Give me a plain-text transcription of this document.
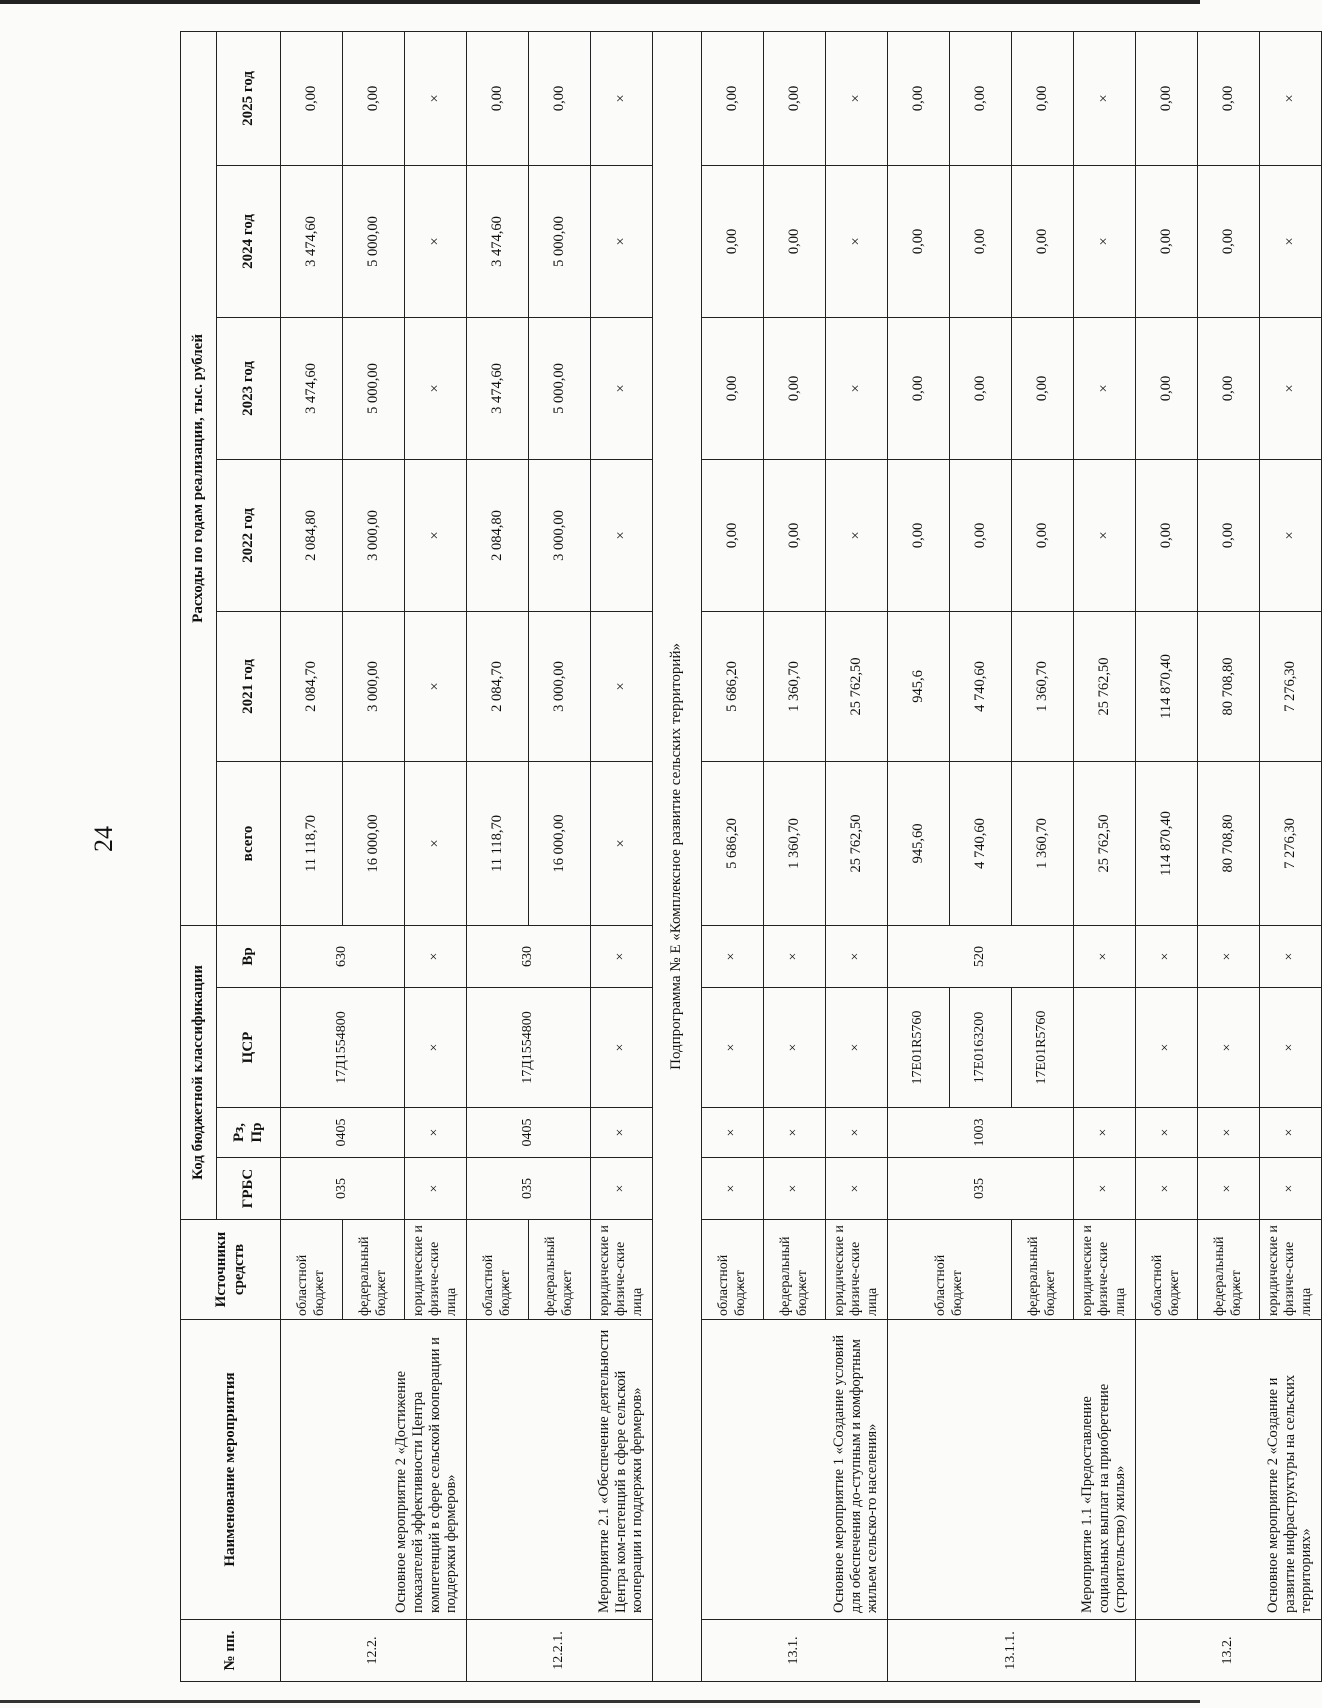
24
№ пп.	Наименование мероприятия	Источники средств	Код бюджетной классификации				Расходы по годам реализации, тыс. рублей					
			ГРБС	Рз, Пр	ЦСР	Вр	всего	2021 год	2022 год	2023 год	2024 год	2025 год
12.2.	Основное мероприятие 2 «Достижение показателей эффективности Центра компетенций в сфере сельской кооперации и поддержки фермеров»	областной бюджет	035	0405	17Д1554800	630	11 118,70	2 084,70	2 084,80	3 474,60	3 474,60	0,00
		федеральный бюджет					16 000,00	3 000,00	3 000,00	5 000,00	5 000,00	0,00
		юридические и физиче-ские лица	×	×	×	×	×	×	×	×	×	×
12.2.1.	Мероприятие 2.1 «Обеспечение деятельности Центра ком-петенций в сфере сельской кооперации и поддержки фермеров»	областной бюджет	035	0405	17Д1554800	630	11 118,70	2 084,70	2 084,80	3 474,60	3 474,60	0,00
		федеральный бюджет					16 000,00	3 000,00	3 000,00	5 000,00	5 000,00	0,00
		юридические и физиче-ские лица	×	×	×	×	×	×	×	×	×	×
Подпрограмма № Е «Комплексное развитие сельских территорий»												
13.1.	Основное мероприятие 1 «Создание условий для обеспечения до-ступным и комфортным жильем сельско-го населения»	областной бюджет	×	×	×	×	5 686,20	5 686,20	0,00	0,00	0,00	0,00
		федеральный бюджет	×	×	×	×	1 360,70	1 360,70	0,00	0,00	0,00	0,00
		юридические и физиче-ские лица	×	×	×	×	25 762,50	25 762,50	×	×	×	×
13.1.1.	Мероприятие 1.1 «Предоставление социальных выплат на приобретение (строительство) жилья»	областной бюджет	035	1003	17Е01R5760	520	945,60	945,6	0,00	0,00	0,00	0,00
					17Е0163200		4 740,60	4 740,60	0,00	0,00	0,00	0,00
		федеральный бюджет			17Е01R5760		1 360,70	1 360,70	0,00	0,00	0,00	0,00
		юридические и физиче-ские лица	×	×		×	25 762,50	25 762,50	×	×	×	×
13.2.	Основное мероприятие 2 «Создание и развитие инфраструктуры на сельских территориях»	областной бюджет	×	×	×	×	114 870,40	114 870,40	0,00	0,00	0,00	0,00
		федеральный бюджет	×	×	×	×	80 708,80	80 708,80	0,00	0,00	0,00	0,00
		юридические и физиче-ские лица	×	×	×	×	7 276,30	7 276,30	×	×	×	×
